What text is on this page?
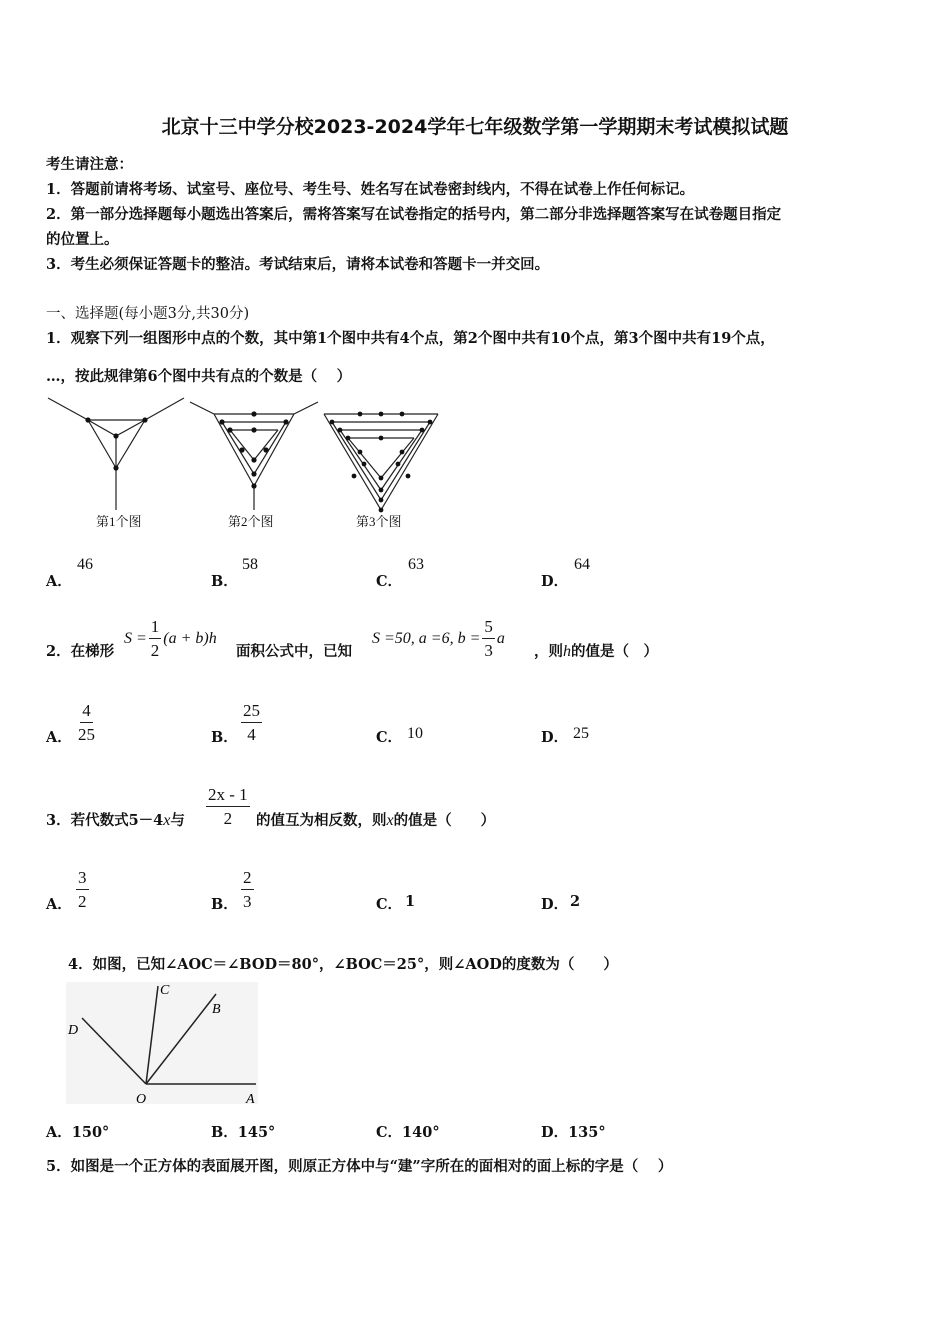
北京十三中学分校2023-2024学年七年级数学第一学期期末考试模拟试题
考生请注意：
1．答题前请将考场、试室号、座位号、考生号、姓名写在试卷密封线内，不得在试卷上作任何标记。
2．第一部分选择题每小题选出答案后，需将答案写在试卷指定的括号内，第二部分非选择题答案写在试卷题目指定
的位置上。
3．考生必须保证答题卡的整洁。考试结束后，请将本试卷和答题卡一并交回。
一、选择题(每小题3分,共30分)
1．观察下列一组图形中点的个数，其中第1个图中共有4个点，第2个图中共有10个点，第3个图中共有19个点，
…，按此规律第6个图中共有点的个数是（　 ）
第1个图	第2个图	第3个图
A．
46
B．
58
C．
63
D．
64
2．在梯形
$S = \frac{1}{2} (a + b)h$
面积公式中，已知
S =50, a =6, $b = \frac{5}{3}$ a
，则h的值是（　）
A． $\frac{4}{25}$	B． $\frac{25}{4}$	C． 10	D． 25
3．若代数式5－4x与 $\frac{2x - 1}{2}$ 的值互为相反数，则x的值是（　　）
A． $\frac{3}{2}$	B． $\frac{2}{3}$	C． 1	D． 2
4．如图，已知∠AOC＝∠BOD＝80°，∠BOC＝25°，则∠AOD的度数为（　　）
C
B
D
O	A
A．150°	B．145°	C．140°	D．135°
5．如图是一个正方体的表面展开图，则原正方体中与“建”字所在的面相对的面上标的字是（　 ）
